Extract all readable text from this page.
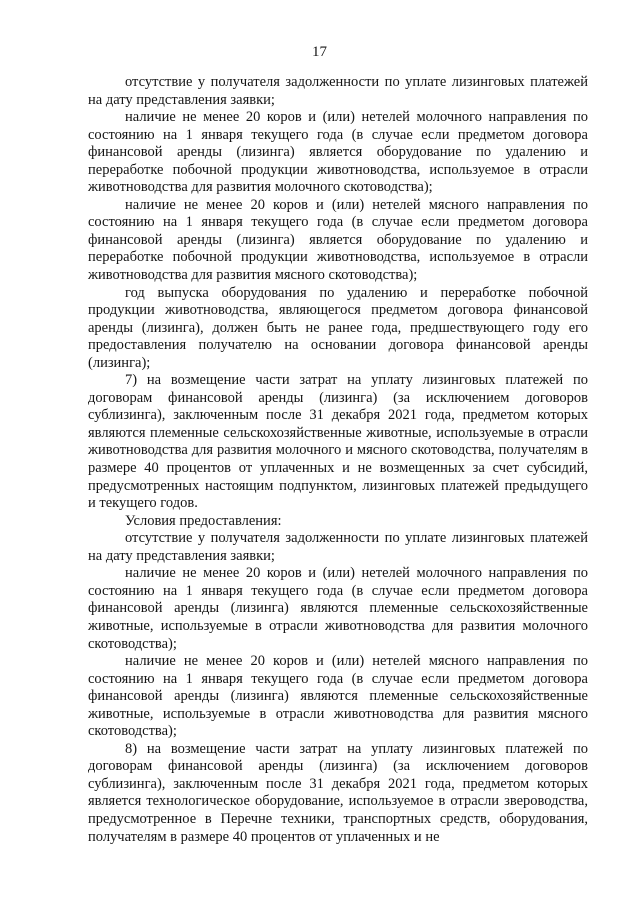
17

отсутствие у получателя задолженности по уплате лизинговых платежей на дату представления заявки;

наличие не менее 20 коров и (или) нетелей молочного направления по состоянию на 1 января текущего года (в случае если предметом договора финансовой аренды (лизинга) является оборудование по удалению и переработке побочной продукции животноводства, используемое в отрасли животноводства для развития молочного скотоводства);

наличие не менее 20 коров и (или) нетелей мясного направления по состоянию на 1 января текущего года (в случае если предметом договора финансовой аренды (лизинга) является оборудование по удалению и переработке побочной продукции животноводства, используемое в отрасли животноводства для развития мясного скотоводства);

год выпуска оборудования по удалению и переработке побочной продукции животноводства, являющегося предметом договора финансовой аренды (лизинга), должен быть не ранее года, предшествующего году его предоставления получателю на основании договора финансовой аренды (лизинга);

7) на возмещение части затрат на уплату лизинговых платежей по договорам финансовой аренды (лизинга) (за исключением договоров сублизинга), заключенным после 31 декабря 2021 года, предметом которых являются племенные сельскохозяйственные животные, используемые в отрасли животноводства для развития молочного и мясного скотоводства, получателям в размере 40 процентов от уплаченных и не возмещенных за счет субсидий, предусмотренных настоящим подпунктом, лизинговых платежей предыдущего и текущего годов.

Условия предоставления:

отсутствие у получателя задолженности по уплате лизинговых платежей на дату представления заявки;

наличие не менее 20 коров и (или) нетелей молочного направления по состоянию на 1 января текущего года (в случае если предметом договора финансовой аренды (лизинга) являются племенные сельскохозяйственные животные, используемые в отрасли животноводства для развития молочного скотоводства);

наличие не менее 20 коров и (или) нетелей мясного направления по состоянию на 1 января текущего года (в случае если предметом договора финансовой аренды (лизинга) являются племенные сельскохозяйственные животные, используемые в отрасли животноводства для развития мясного скотоводства);

8) на возмещение части затрат на уплату лизинговых платежей по договорам финансовой аренды (лизинга) (за исключением договоров сублизинга), заключенным после 31 декабря 2021 года, предметом которых является технологическое оборудование, используемое в отрасли звероводства, предусмотренное в Перечне техники, транспортных средств, оборудования, получателям в размере 40 процентов от уплаченных и не
